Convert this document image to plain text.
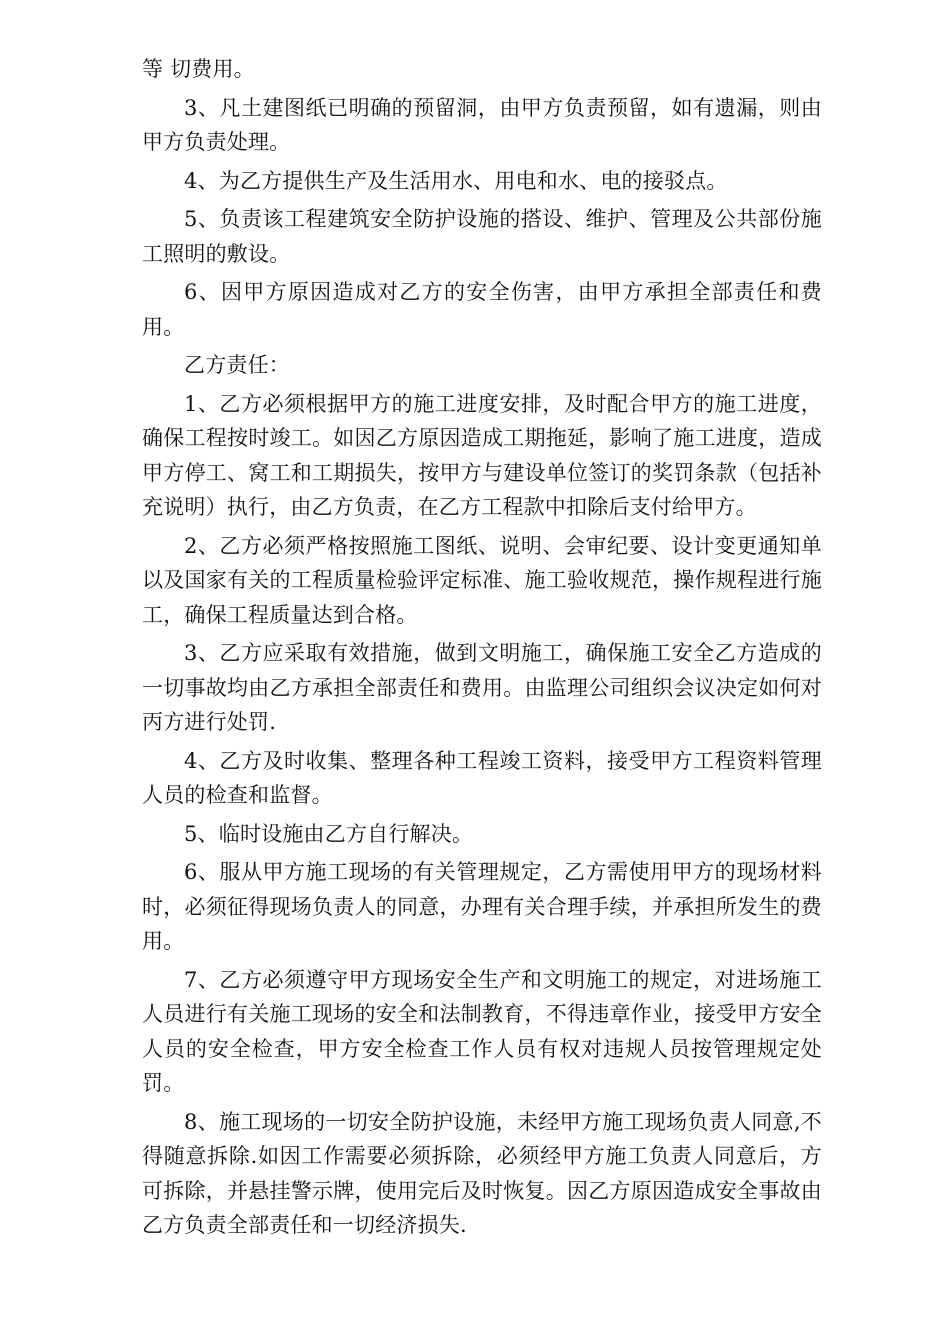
等 切费用。

3、凡土建图纸已明确的预留洞，由甲方负责预留，如有遗漏，则由甲方负责处理。

4、为乙方提供生产及生活用水、用电和水、电的接驳点。

5、负责该工程建筑安全防护设施的搭设、维护、管理及公共部份施工照明的敷设。

6、因甲方原因造成对乙方的安全伤害，由甲方承担全部责任和费用。

乙方责任：

1、乙方必须根据甲方的施工进度安排，及时配合甲方的施工进度，确保工程按时竣工。如因乙方原因造成工期拖延，影响了施工进度，造成甲方停工、窝工和工期损失，按甲方与建设单位签订的奖罚条款（包括补充说明）执行，由乙方负责，在乙方工程款中扣除后支付给甲方。

2、乙方必须严格按照施工图纸、说明、会审纪要、设计变更通知单以及国家有关的工程质量检验评定标准、施工验收规范，操作规程进行施工，确保工程质量达到合格。

3、乙方应采取有效措施，做到文明施工，确保施工安全乙方造成的一切事故均由乙方承担全部责任和费用。由监理公司组织会议决定如何对丙方进行处罚.

4、乙方及时收集、整理各种工程竣工资料，接受甲方工程资料管理人员的检查和监督。

5、临时设施由乙方自行解决。

6、服从甲方施工现场的有关管理规定，乙方需使用甲方的现场材料时，必须征得现场负责人的同意，办理有关合理手续，并承担所发生的费用。

7、乙方必须遵守甲方现场安全生产和文明施工的规定，对进场施工人员进行有关施工现场的安全和法制教育，不得违章作业，接受甲方安全人员的安全检查，甲方安全检查工作人员有权对违规人员按管理规定处罚。

8、施工现场的一切安全防护设施，未经甲方施工现场负责人同意,不得随意拆除.如因工作需要必须拆除，必须经甲方施工负责人同意后，方可拆除，并悬挂警示牌，使用完后及时恢复。因乙方原因造成安全事故由乙方负责全部责任和一切经济损失.
